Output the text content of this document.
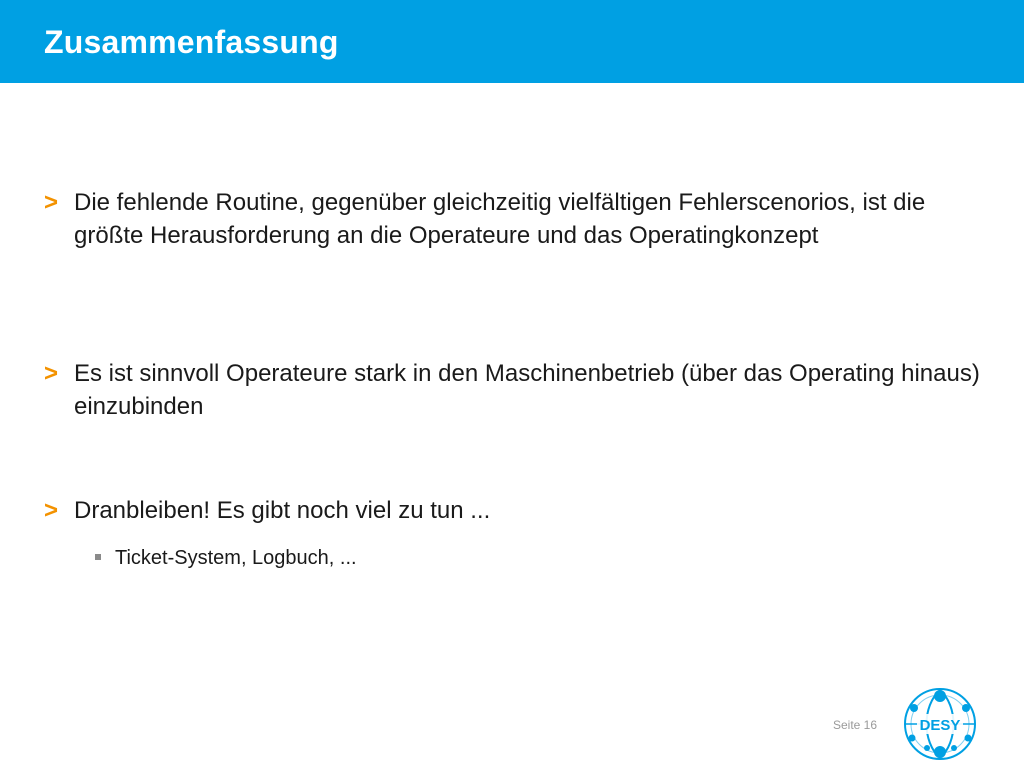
Zusammenfassung
> Die fehlende Routine, gegenüber gleichzeitig vielfältigen Fehlerscenorios, ist die größte Herausforderung an die Operateure und das Operatingkonzept
> Es ist sinnvoll Operateure stark in den Maschinenbetrieb (über das Operating hinaus) einzubinden
> Dranbleiben! Es gibt noch viel zu tun ...
Ticket-System, Logbuch, ...
Seite 16	DESY
